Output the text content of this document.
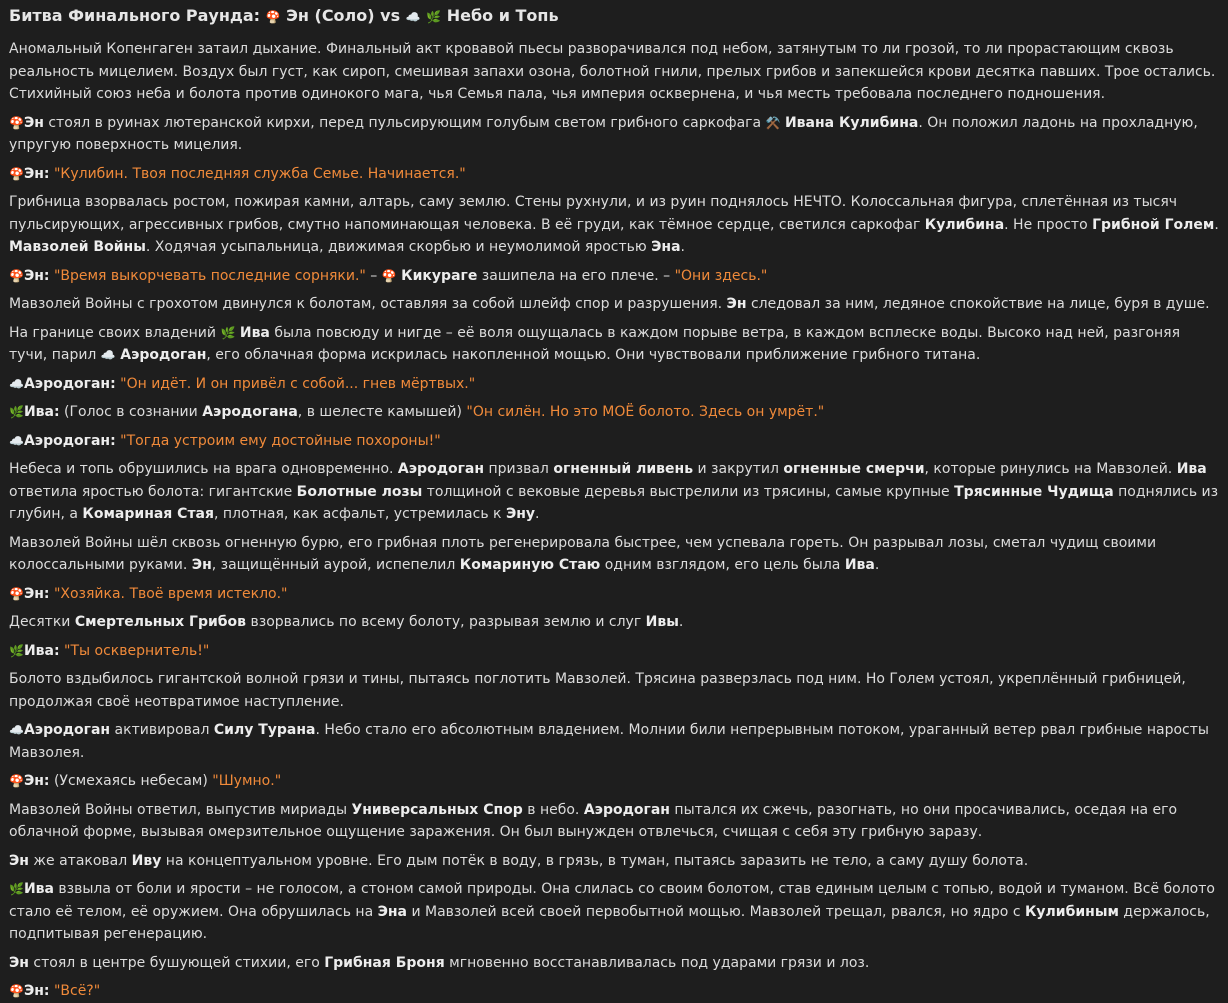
Битва Финального Раунда: 🍄 Эн (Соло) vs ☁️ 🌿 Небо и Топь
Аномальный Копенгаген затаил дыхание. Финальный акт кровавой пьесы разворачивался под небом, затянутым то ли грозой, то ли прорастающим сквозь реальность мицелием. Воздух был густ, как сироп, смешивая запахи озона, болотной гнили, прелых грибов и запекшейся крови десятка павших. Трое остались. Стихийный союз неба и болота против одинокого мага, чья Семья пала, чья империя осквернена, и чья месть требовала последнего подношения.
🍄Эн стоял в руинах лютеранской кирхи, перед пульсирующим голубым светом грибного саркофага ⚒️ Ивана Кулибина. Он положил ладонь на прохладную, упругую поверхность мицелия.
🍄Эн: "Кулибин. Твоя последняя служба Семье. Начинается."
Грибница взорвалась ростом, пожирая камни, алтарь, саму землю. Стены рухнули, и из руин поднялось НЕЧТО. Колоссальная фигура, сплетённая из тысяч пульсирующих, агрессивных грибов, смутно напоминающая человека. В её груди, как тёмное сердце, светился саркофаг Кулибина. Не просто Грибной Голем. Мавзолей Войны. Ходячая усыпальница, движимая скорбью и неумолимой яростью Эна.
🍄Эн: "Время выкорчевать последние сорняки." – 🍄 Кикураге зашипела на его плече. – "Они здесь."
Мавзолей Войны с грохотом двинулся к болотам, оставляя за собой шлейф спор и разрушения. Эн следовал за ним, ледяное спокойствие на лице, буря в душе.
На границе своих владений 🌿 Ива была повсюду и нигде – её воля ощущалась в каждом порыве ветра, в каждом всплеске воды. Высоко над ней, разгоняя тучи, парил ☁️ Аэродоган, его облачная форма искрилась накопленной мощью. Они чувствовали приближение грибного титана.
☁️Аэродоган: "Он идёт. И он привёл с собой... гнев мёртвых."
🌿Ива: (Голос в сознании Аэродогана, в шелесте камышей) "Он силён. Но это МОЁ болото. Здесь он умрёт."
☁️Аэродоган: "Тогда устроим ему достойные похороны!"
Небеса и топь обрушились на врага одновременно. Аэродоган призвал огненный ливень и закрутил огненные смерчи, которые ринулись на Мавзолей. Ива ответила яростью болота: гигантские Болотные лозы толщиной с вековые деревья выстрелили из трясины, самые крупные Трясинные Чудища поднялись из глубин, а Комариная Стая, плотная, как асфальт, устремилась к Эну.
Мавзолей Войны шёл сквозь огненную бурю, его грибная плоть регенерировала быстрее, чем успевала гореть. Он разрывал лозы, сметал чудищ своими колоссальными руками. Эн, защищённый аурой, испепелил Комариную Стаю одним взглядом, его цель была Ива.
🍄Эн: "Хозяйка. Твоё время истекло."
Десятки Смертельных Грибов взорвались по всему болоту, разрывая землю и слуг Ивы.
🌿Ива: "Ты осквернитель!"
Болото вздыбилось гигантской волной грязи и тины, пытаясь поглотить Мавзолей. Трясина разверзлась под ним. Но Голем устоял, укреплённый грибницей, продолжая своё неотвратимое наступление.
☁️Аэродоган активировал Силу Турана. Небо стало его абсолютным владением. Молнии били непрерывным потоком, ураганный ветер рвал грибные наросты Мавзолея.
🍄Эн: (Усмехаясь небесам) "Шумно."
Мавзолей Войны ответил, выпустив мириады Универсальных Спор в небо. Аэродоган пытался их сжечь, разогнать, но они просачивались, оседая на его облачной форме, вызывая омерзительное ощущение заражения. Он был вынужден отвлечься, счищая с себя эту грибную заразу.
Эн же атаковал Иву на концептуальном уровне. Его дым потёк в воду, в грязь, в туман, пытаясь заразить не тело, а саму душу болота.
🌿Ива взвыла от боли и ярости – не голосом, а стоном самой природы. Она слилась со своим болотом, став единым целым с топью, водой и туманом. Всё болото стало её телом, её оружием. Она обрушилась на Эна и Мавзолей всей своей первобытной мощью. Мавзолей трещал, рвался, но ядро с Кулибиным держалось, подпитывая регенерацию.
Эн стоял в центре бушующей стихии, его Грибная Броня мгновенно восстанавливалась под ударами грязи и лоз.
🍄Эн: "Всё?"
